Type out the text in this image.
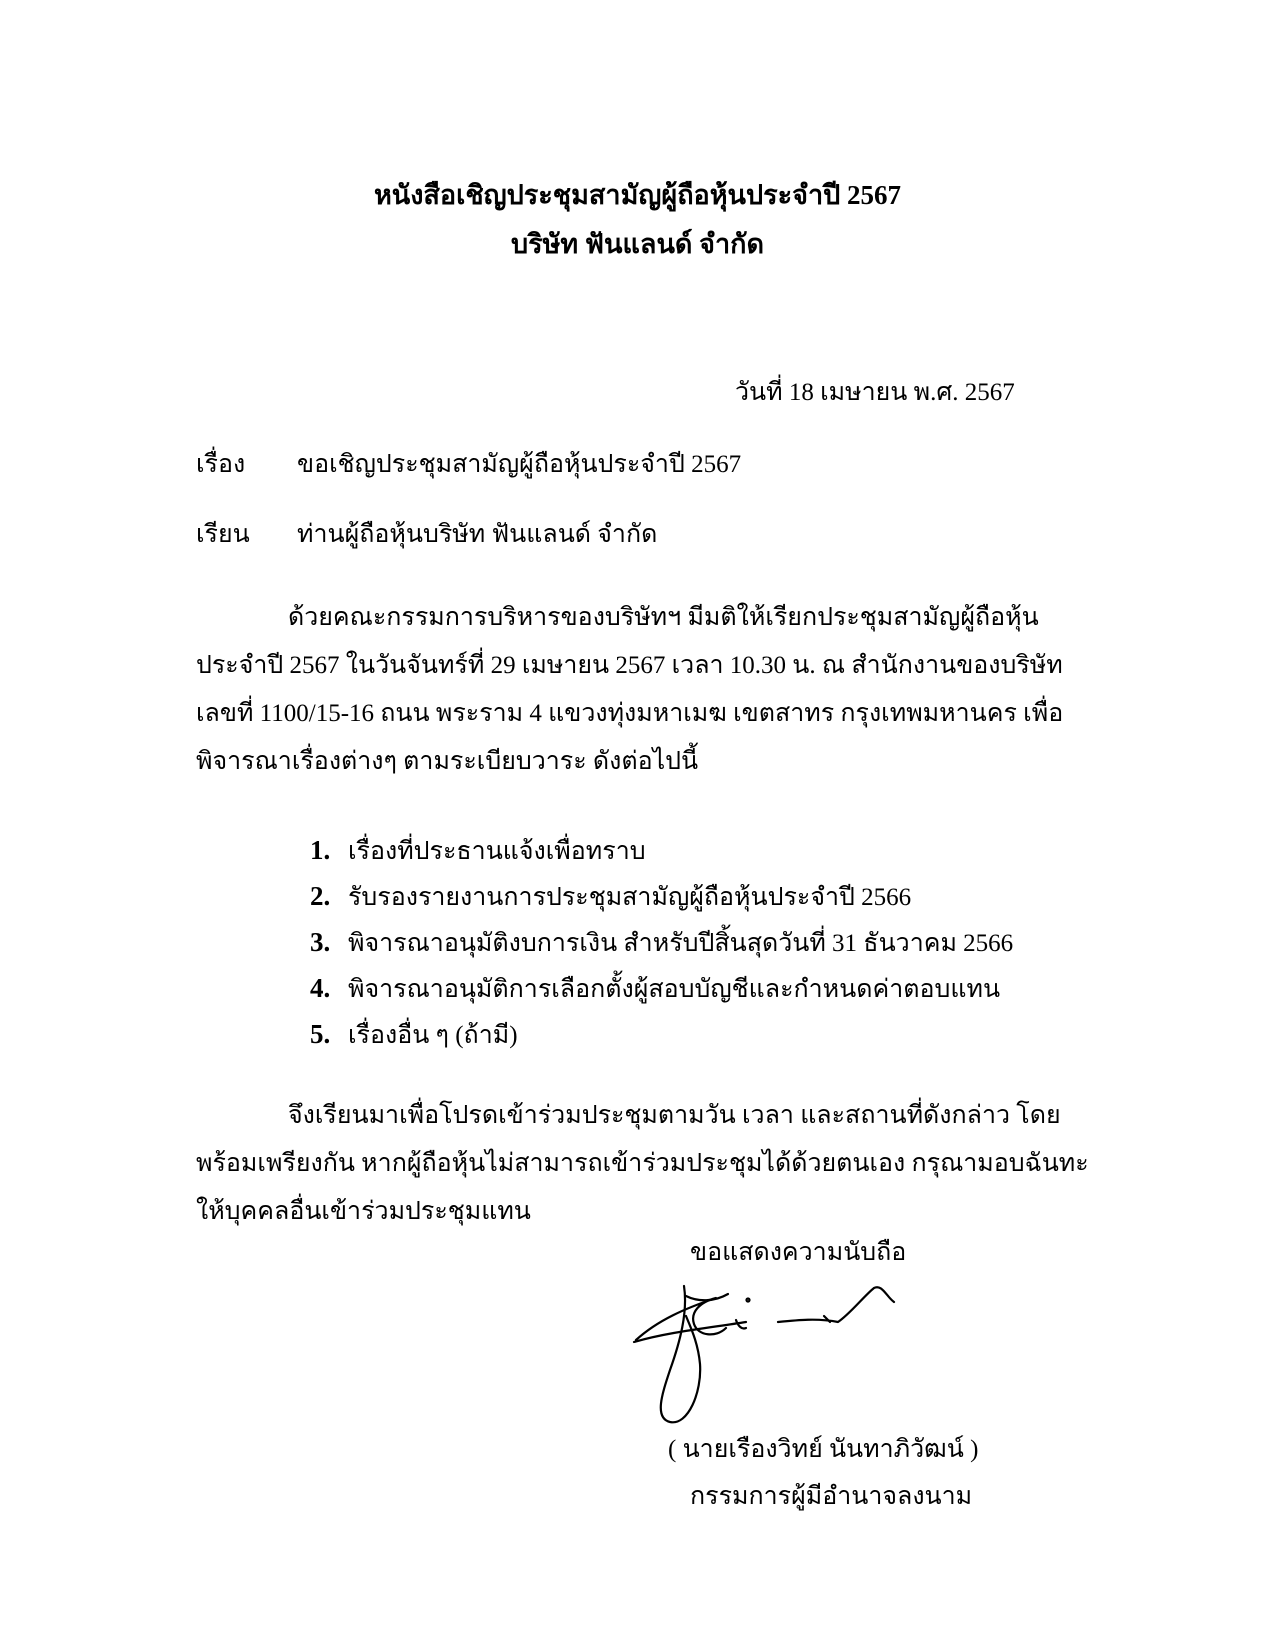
หนังสือเชิญประชุมสามัญผู้ถือหุ้นประจำปี 2567
บริษัท ฟันแลนด์ จำกัด
วันที่ 18 เมษายน พ.ศ. 2567
เรื่อง ขอเชิญประชุมสามัญผู้ถือหุ้นประจำปี 2567
เรียน ท่านผู้ถือหุ้นบริษัท ฟันแลนด์ จำกัด
ด้วยคณะกรรมการบริหารของบริษัทฯ มีมติให้เรียกประชุมสามัญผู้ถือหุ้นประจำปี 2567 ในวันจันทร์ที่ 29 เมษายน 2567 เวลา 10.30 น. ณ สำนักงานของบริษัทเลขที่ 1100/15-16 ถนน พระราม 4 แขวงทุ่งมหาเมฆ เขตสาทร กรุงเทพมหานคร เพื่อพิจารณาเรื่องต่างๆ ตามระเบียบวาระ ดังต่อไปนี้
1. เรื่องที่ประธานแจ้งเพื่อทราบ
2. รับรองรายงานการประชุมสามัญผู้ถือหุ้นประจำปี 2566
3. พิจารณาอนุมัติงบการเงิน สำหรับปีสิ้นสุดวันที่ 31 ธันวาคม 2566
4. พิจารณาอนุมัติการเลือกตั้งผู้สอบบัญชีและกำหนดค่าตอบแทน
5. เรื่องอื่น ๆ (ถ้ามี)
จึงเรียนมาเพื่อโปรดเข้าร่วมประชุมตามวัน เวลา และสถานที่ดังกล่าว โดยพร้อมเพรียงกัน หากผู้ถือหุ้นไม่สามารถเข้าร่วมประชุมได้ด้วยตนเอง กรุณามอบฉันทะให้บุคคลอื่นเข้าร่วมประชุมแทน
ขอแสดงความนับถือ
( นายเรืองวิทย์ นันทาภิวัฒน์ )
กรรมการผู้มีอำนาจลงนาม
